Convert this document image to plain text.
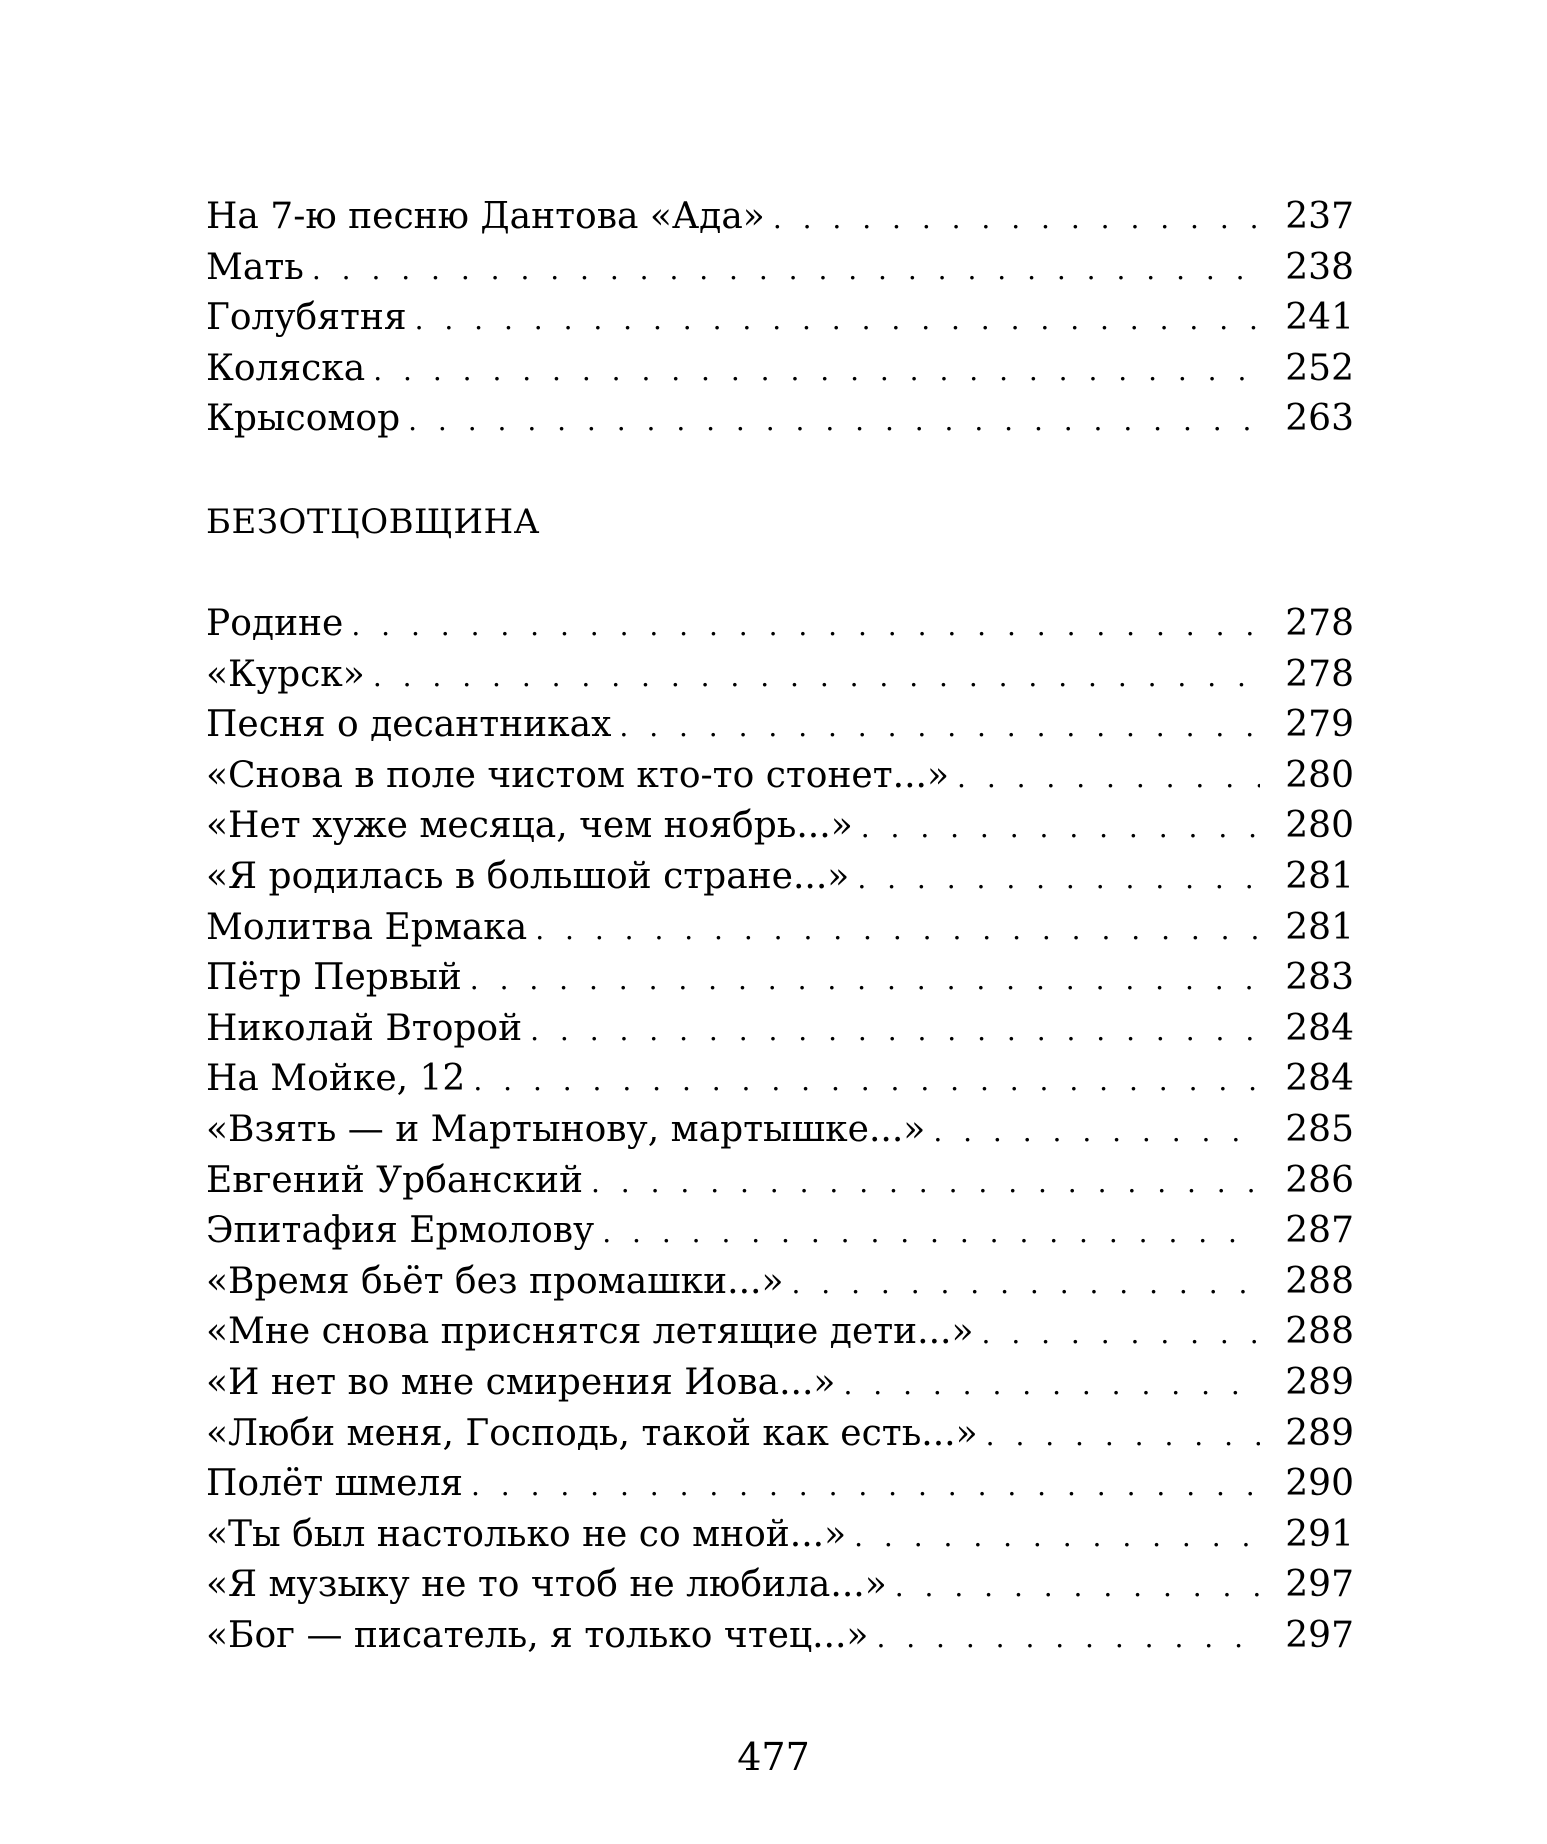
На 7-ю песню Дантова «Ада» . . .	237
Мать . . .	238
Голубятня . . .	241
Коляска . . .	252
Крысомор . . .	263
БЕЗОТЦОВЩИНА
Родине . . .	278
«Курск» . . .	278
Песня о десантниках . . .	279
«Снова в поле чистом кто-то стонет...» . . .	280
«Нет хуже месяца, чем ноябрь...» . . .	280
«Я родилась в большой стране...» . . .	281
Молитва Ермака . . .	281
Пётр Первый . . .	283
Николай Второй . . .	284
На Мойке, 12 . . .	284
«Взять — и Мартынову, мартышке...» . . .	285
Евгений Урбанский . . .	286
Эпитафия Ермолову . . .	287
«Время бьёт без промашки...» . . .	288
«Мне снова приснятся летящие дети...» . . .	288
«И нет во мне смирения Иова...» . . .	289
«Люби меня, Господь, такой как есть...» . . .	289
Полёт шмеля . . .	290
«Ты был настолько не со мной...» . . .	291
«Я музыку не то чтоб не любила...» . . .	297
«Бог — писатель, я только чтец...» . . .	297
477
